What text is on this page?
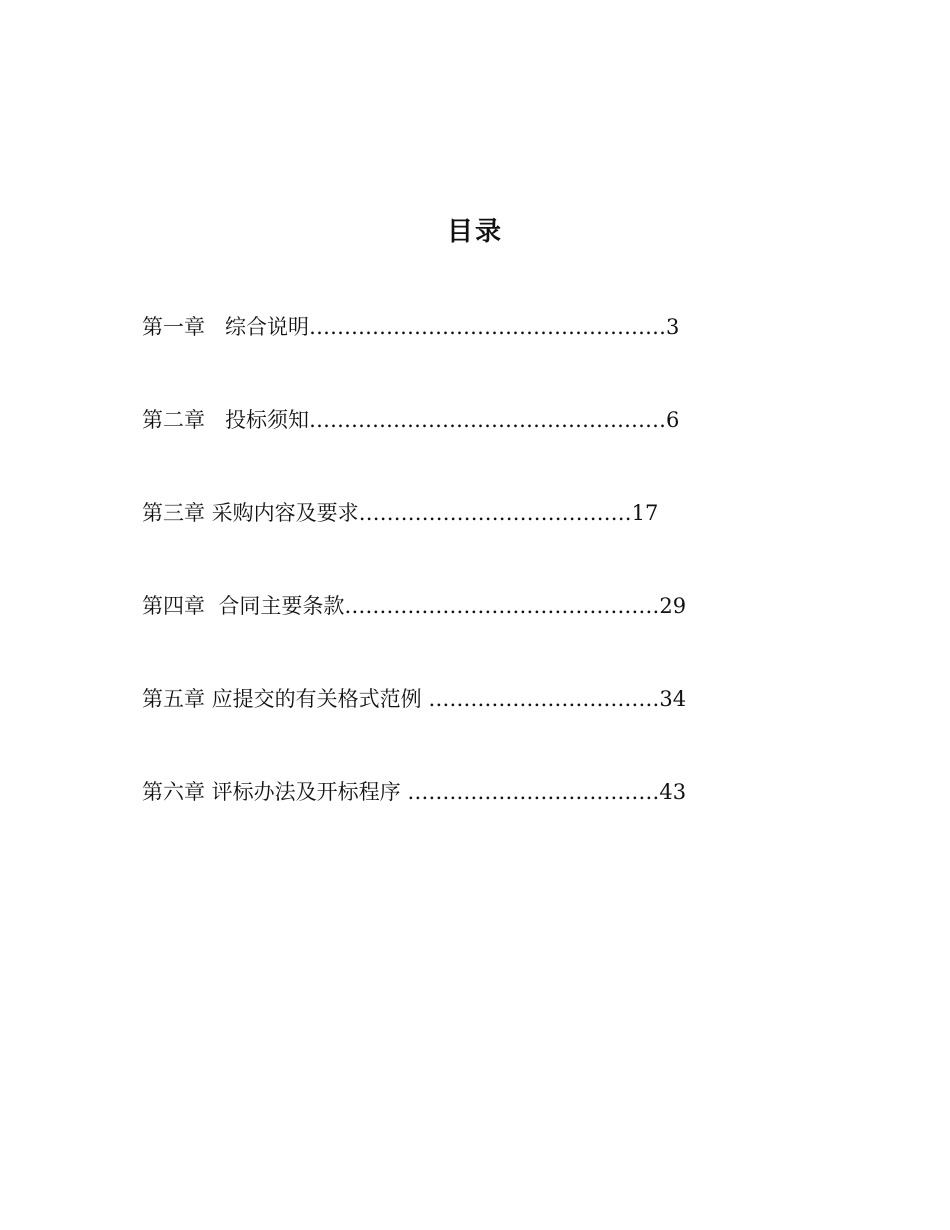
目录
第一章   综合说明……………………………………………3
第二章   投标须知……………………………………………6
第三章 采购内容及要求…………………………………17
第四章  合同主要条款………………………………………29
第五章 应提交的有关格式范例 ……………………………34
第六章 评标办法及开标程序 ………………………………43
